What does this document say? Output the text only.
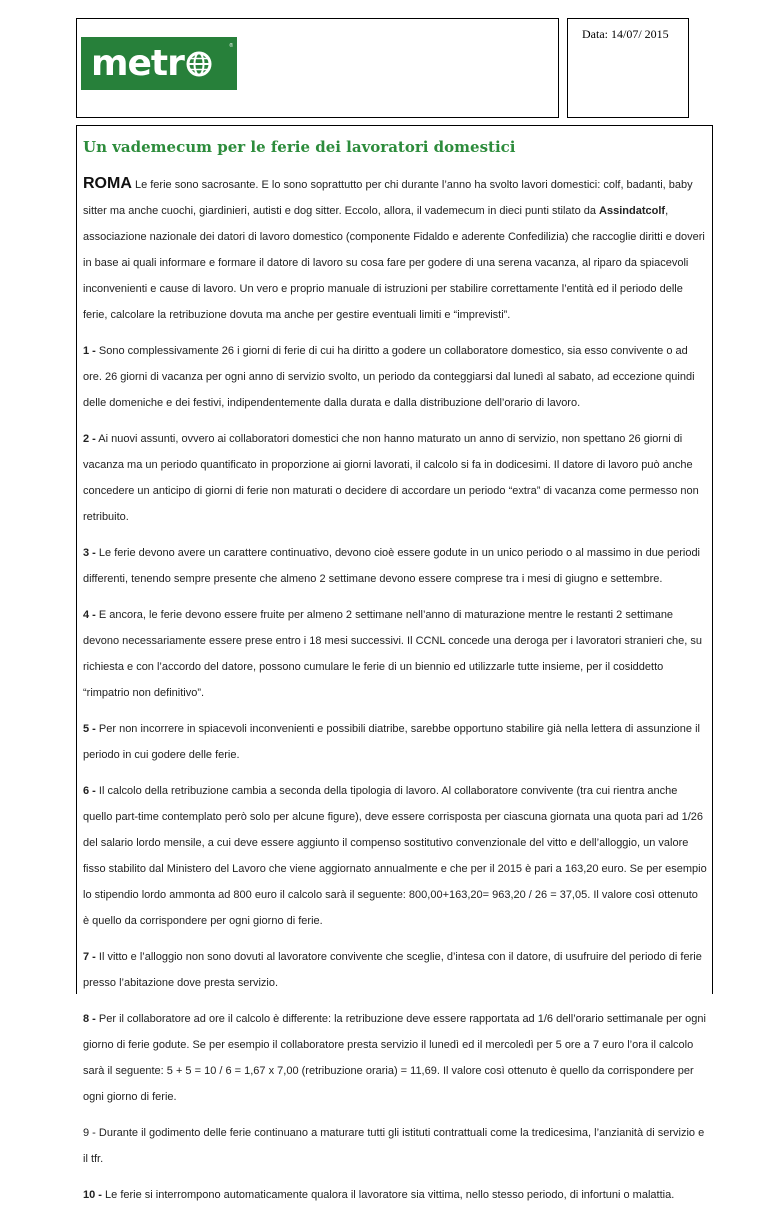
metr	®
Data: 14/07/ 2015
Un vademecum per le ferie dei lavoratori domestici

ROMA Le ferie sono sacrosante. E lo sono soprattutto per chi durante l’anno ha svolto lavori domestici: colf, badanti, baby sitter ma anche cuochi, giardinieri, autisti e dog sitter. Eccolo, allora, il vademecum in dieci punti stilato da Assindatcolf, associazione nazionale dei datori di lavoro domestico (componente Fidaldo e aderente Confedilizia) che raccoglie diritti e doveri in base ai quali informare e formare il datore di lavoro su cosa fare per godere di una serena vacanza, al riparo da spiacevoli inconvenienti e cause di lavoro. Un vero e proprio manuale di istruzioni per stabilire correttamente l’entità ed il periodo delle ferie, calcolare la retribuzione dovuta ma anche per gestire eventuali limiti e “imprevisti”.

1 - Sono complessivamente 26 i giorni di ferie di cui ha diritto a godere un collaboratore domestico, sia esso convivente o ad ore. 26 giorni di vacanza per ogni anno di servizio svolto, un periodo da conteggiarsi dal lunedì al sabato, ad eccezione quindi delle domeniche e dei festivi, indipendentemente dalla durata e dalla distribuzione dell’orario di lavoro.

2 - Ai nuovi assunti, ovvero ai collaboratori domestici che non hanno maturato un anno di servizio, non spettano 26 giorni di vacanza ma un periodo quantificato in proporzione ai giorni lavorati, il calcolo si fa in dodicesimi. Il datore di lavoro può anche concedere un anticipo di giorni di ferie non maturati o decidere di accordare un periodo “extra” di vacanza come permesso non retribuito.

3 - Le ferie devono avere un carattere continuativo, devono cioè essere godute in un unico periodo o al massimo in due periodi differenti, tenendo sempre presente che almeno 2 settimane devono essere comprese tra i mesi di giugno e settembre.

4 - E ancora, le ferie devono essere fruite per almeno 2 settimane nell’anno di maturazione mentre le restanti 2 settimane devono necessariamente essere prese entro i 18 mesi successivi. Il CCNL concede una deroga per i lavoratori stranieri che, su richiesta e con l’accordo del datore, possono cumulare le ferie di un biennio ed utilizzarle tutte insieme, per il cosiddetto “rimpatrio non definitivo”.

5 - Per non incorrere in spiacevoli inconvenienti e possibili diatribe, sarebbe opportuno stabilire già nella lettera di assunzione il periodo in cui godere delle ferie.

6 - Il calcolo della retribuzione cambia a seconda della tipologia di lavoro. Al collaboratore convivente (tra cui rientra anche quello part-time contemplato però solo per alcune figure), deve essere corrisposta per ciascuna giornata una quota pari ad 1/26 del salario lordo mensile, a cui deve essere aggiunto il compenso sostitutivo convenzionale del vitto e dell’alloggio, un valore fisso stabilito dal Ministero del Lavoro che viene aggiornato annualmente e che per il 2015 è pari a 163,20 euro. Se per esempio lo stipendio lordo ammonta ad 800 euro il calcolo sarà il seguente: 800,00+163,20= 963,20 / 26 = 37,05. Il valore così ottenuto è quello da corrispondere per ogni giorno di ferie.

7 - Il vitto e l’alloggio non sono dovuti al lavoratore convivente che sceglie, d’intesa con il datore, di usufruire del periodo di ferie presso l’abitazione dove presta servizio.

8 - Per il collaboratore ad ore il calcolo è differente: la retribuzione deve essere rapportata ad 1/6 dell’orario settimanale per ogni giorno di ferie godute. Se per esempio il collaboratore presta servizio il lunedì ed il mercoledì per 5 ore a 7 euro l’ora il calcolo sarà il seguente: 5 + 5 = 10 / 6 = 1,67 x 7,00 (retribuzione oraria) = 11,69. Il valore così ottenuto è quello da corrispondere per ogni giorno di ferie.

9 - Durante il godimento delle ferie continuano a maturare tutti gli istituti contrattuali come la tredicesima, l’anzianità di servizio e il tfr.

10 - Le ferie si interrompono automaticamente qualora il lavoratore sia vittima, nello stesso periodo, di infortuni o malattia.
